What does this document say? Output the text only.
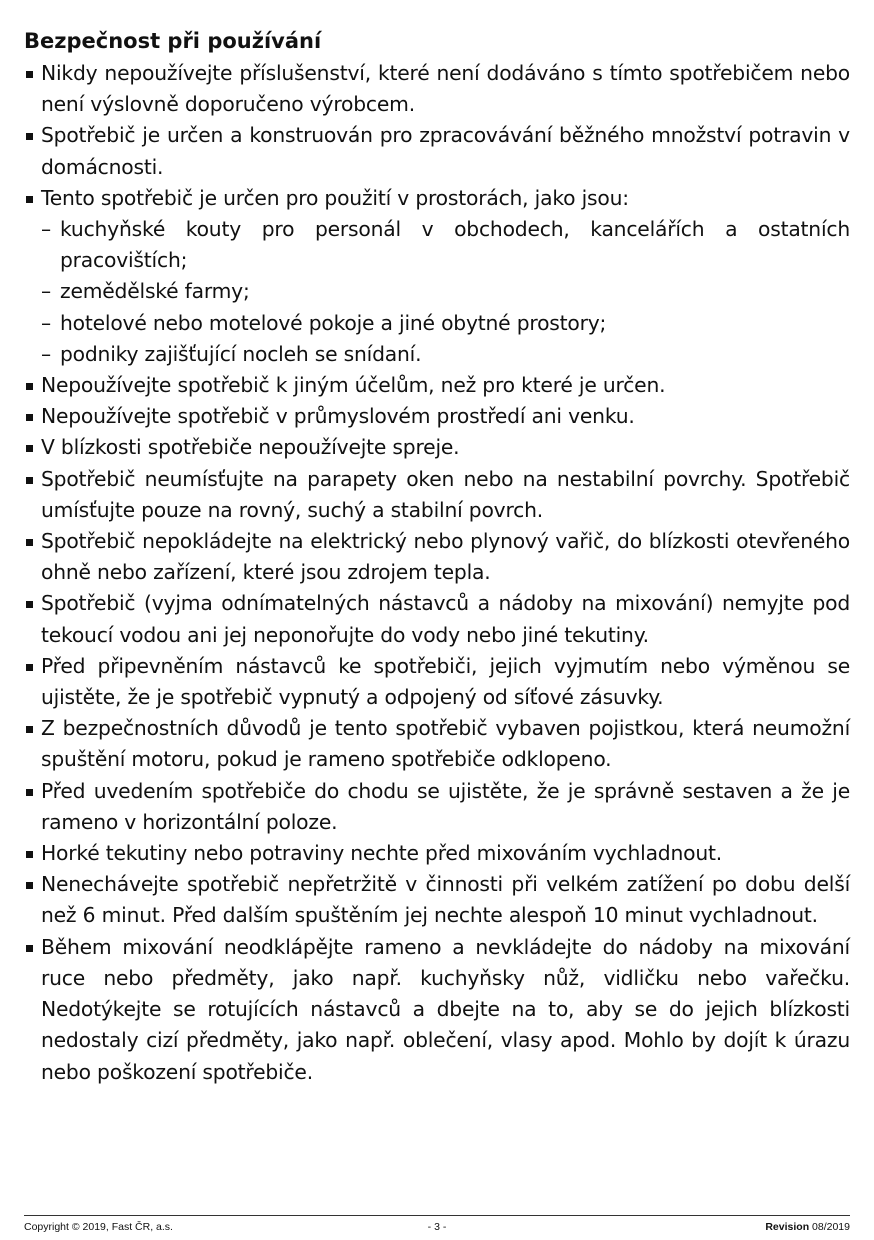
Bezpečnost při používání
Nikdy nepoužívejte příslušenství, které není dodáváno s tímto spotřebičem nebo není výslovně doporučeno výrobcem.
Spotřebič je určen a konstruován pro zpracovávání běžného množství potravin v domácnosti.
Tento spotřebič je určen pro použití v prostorách, jako jsou:
– kuchyňské kouty pro personál v obchodech, kancelářích a ostatních pracovištích;
– zemědělské farmy;
– hotelové nebo motelové pokoje a jiné obytné prostory;
– podniky zajišťující nocleh se snídaní.
Nepoužívejte spotřebič k jiným účelům, než pro které je určen.
Nepoužívejte spotřebič v průmyslovém prostředí ani venku.
V blízkosti spotřebiče nepoužívejte spreje.
Spotřebič neumísťujte na parapety oken nebo na nestabilní povrchy. Spotřebič umísťujte pouze na rovný, suchý a stabilní povrch.
Spotřebič nepokládejte na elektrický nebo plynový vařič, do blízkosti otevřeného ohně nebo zařízení, které jsou zdrojem tepla.
Spotřebič (vyjma odnímatelných nástavců a nádoby na mixování) nemyjte pod tekoucí vodou ani jej neponořujte do vody nebo jiné tekutiny.
Před připevněním nástavců ke spotřebiči, jejich vyjmutím nebo výměnou se ujistěte, že je spotřebič vypnutý a odpojený od síťové zásuvky.
Z bezpečnostních důvodů je tento spotřebič vybaven pojistkou, která neumožní spuštění motoru, pokud je rameno spotřebiče odklopeno.
Před uvedením spotřebiče do chodu se ujistěte, že je správně sestaven a že je rameno v horizontální poloze.
Horké tekutiny nebo potraviny nechte před mixováním vychladnout.
Nenechávejte spotřebič nepřetržitě v činnosti při velkém zatížení po dobu delší než 6 minut. Před dalším spuštěním jej nechte alespoň 10 minut vychladnout.
Během mixování neodklápějte rameno a nevkládejte do nádoby na mixování ruce nebo předměty, jako např. kuchyňsky nůž, vidličku nebo vařečku. Nedotýkejte se rotujících nástavců a dbejte na to, aby se do jejich blízkosti nedostaly cizí předměty, jako např. oblečení, vlasy apod. Mohlo by dojít k úrazu nebo poškození spotřebiče.
Copyright © 2019, Fast ČR, a.s.	- 3 -	Revision 08/2019
